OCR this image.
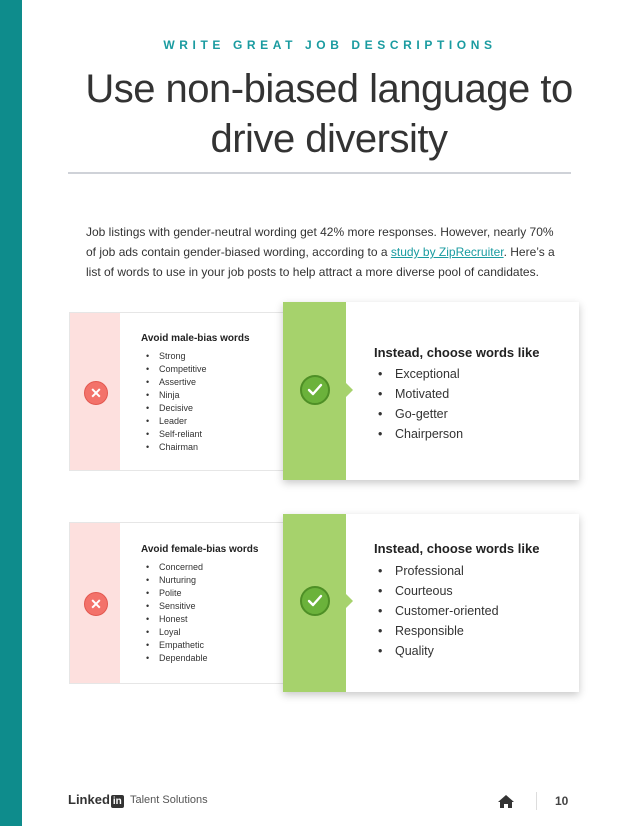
WRITE GREAT JOB DESCRIPTIONS
Use non-biased language to
drive diversity

Job listings with gender-neutral wording get 42% more responses. However, nearly 70% of job ads contain gender-biased wording, according to a study by ZipRecruiter. Here’s a list of words to use in your job posts to help attract a more diverse pool of candidates.

✕
Avoid male-bias words
• Strong
• Competitive
• Assertive
• Ninja
• Decisive
• Leader
• Self-reliant
• Chairman
Instead, choose words like
• Exceptional
• Motivated
• Go-getter
• Chairperson
✕
Avoid female-bias words
• Concerned
• Nurturing
• Polite
• Sensitive
• Honest
• Loyal
• Empathetic
• Dependable
Instead, choose words like
• Professional
• Courteous
• Customer-oriented
• Responsible
• Quality
Linked in Talent Solutions	10
